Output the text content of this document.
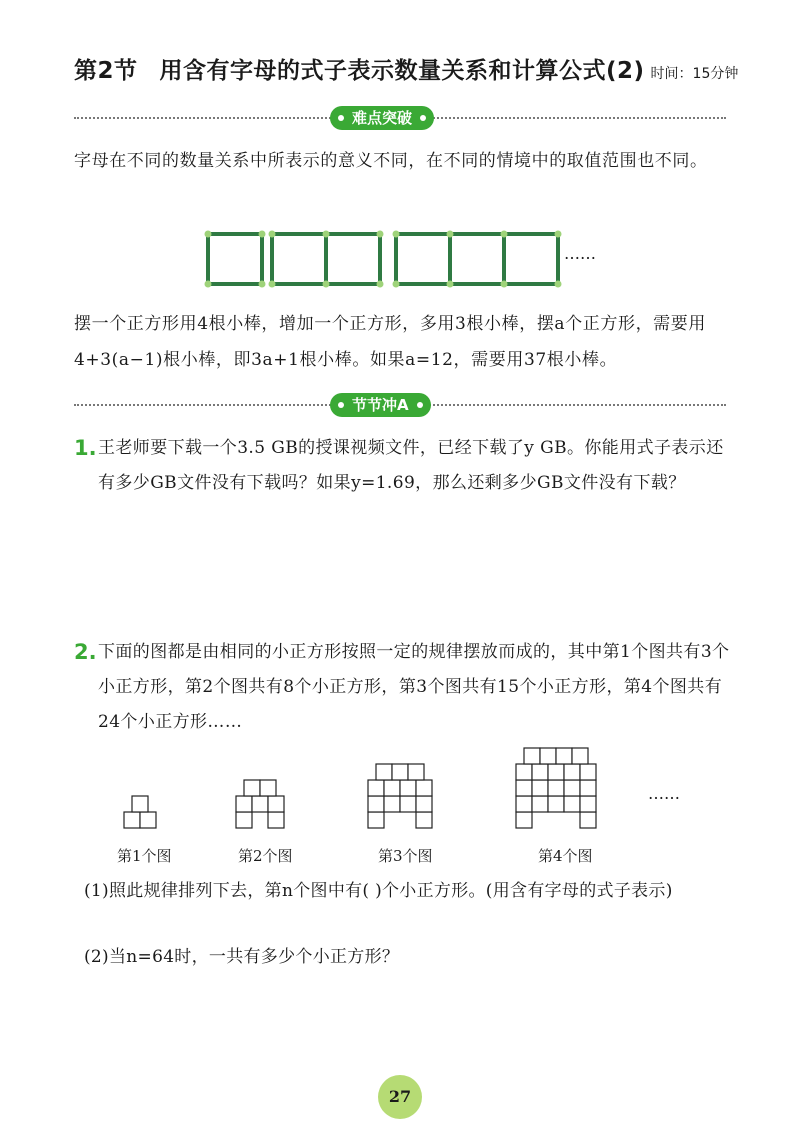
第2节 用含有字母的式子表示数量关系和计算公式(2) 时间：15分钟
难点突破
字母在不同的数量关系中所表示的意义不同，在不同的情境中的取值范围也不同。
……
摆一个正方形用4根小棒，增加一个正方形，多用3根小棒，摆a个正方形，需要用4+3(a−1)根小棒，即3a+1根小棒。如果a=12，需要用37根小棒。
节节冲A
1. 王老师要下载一个3.5 GB的授课视频文件，已经下载了y GB。你能用式子表示还有多少GB文件没有下载吗？如果y=1.69，那么还剩多少GB文件没有下载？
2. 下面的图都是由相同的小正方形按照一定的规律摆放而成的，其中第1个图共有3个小正方形，第2个图共有8个小正方形，第3个图共有15个小正方形，第4个图共有24个小正方形……
……
第1个图	第2个图	第3个图	第4个图
(1)照此规律排列下去，第n个图中有( )个小正方形。(用含有字母的式子表示)
(2)当n=64时，一共有多少个小正方形？
27
